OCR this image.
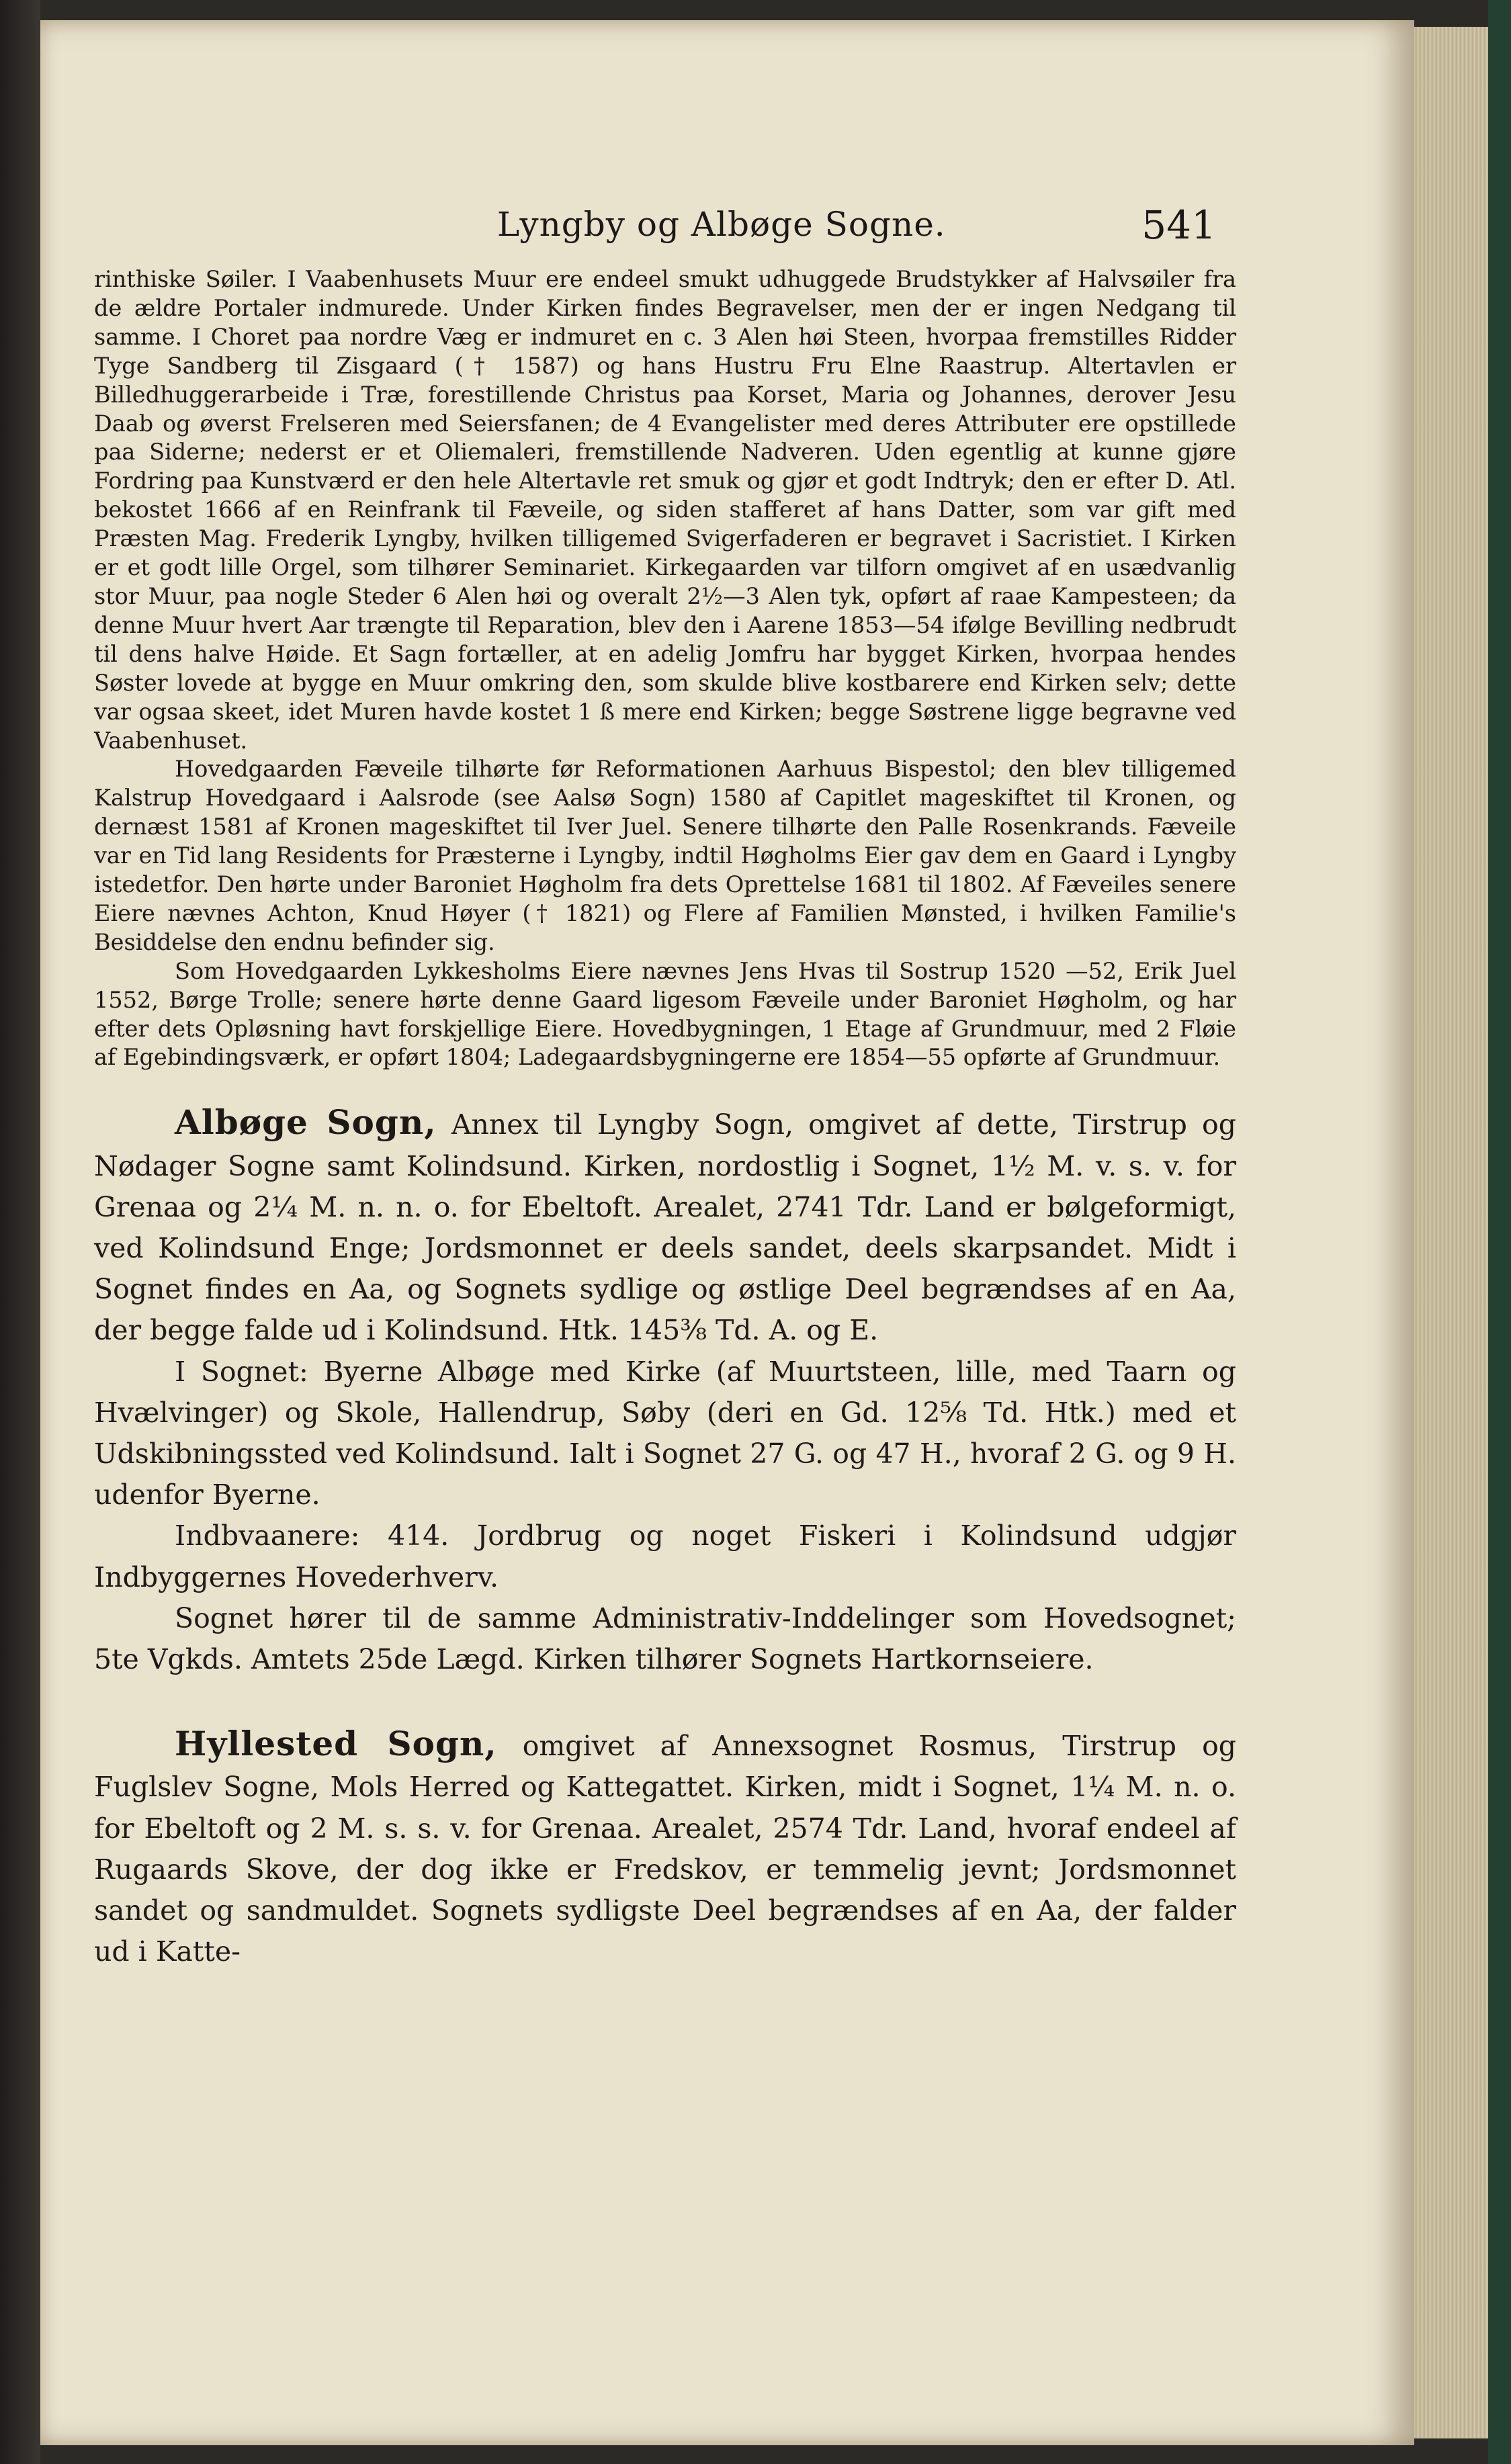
Lyngby og Albøge Sogne.	541

rinthiske Søiler. I Vaabenhusets Muur ere endeel smukt udhuggede Brudstykker af Halvsøiler fra de ældre Portaler indmurede. Under Kirken findes Begravelser, men der er ingen Nedgang til samme. I Choret paa nordre Væg er indmuret en c. 3 Alen høi Steen, hvorpaa fremstilles Ridder Tyge Sandberg til Zisgaard († 1587) og hans Hustru Fru Elne Raastrup. Altertavlen er Billedhuggerarbeide i Træ, forestillende Christus paa Korset, Maria og Johannes, derover Jesu Daab og øverst Frelseren med Seiersfanen; de 4 Evangelister med deres Attributer ere opstillede paa Siderne; nederst er et Oliemaleri, fremstillende Nadveren. Uden egentlig at kunne gjøre Fordring paa Kunstværd er den hele Altertavle ret smuk og gjør et godt Indtryk; den er efter D. Atl. bekostet 1666 af en Reinfrank til Fæveile, og siden stafferet af hans Datter, som var gift med Præsten Mag. Frederik Lyngby, hvilken tilligemed Svigerfaderen er begravet i Sacristiet. I Kirken er et godt lille Orgel, som tilhører Seminariet. Kirkegaarden var tilforn omgivet af en usædvanlig stor Muur, paa nogle Steder 6 Alen høi og overalt 2½—3 Alen tyk, opført af raae Kampesteen; da denne Muur hvert Aar trængte til Reparation, blev den i Aarene 1853—54 ifølge Bevilling nedbrudt til dens halve Høide. Et Sagn fortæller, at en adelig Jomfru har bygget Kirken, hvorpaa hendes Søster lovede at bygge en Muur omkring den, som skulde blive kostbarere end Kirken selv; dette var ogsaa skeet, idet Muren havde kostet 1 ß mere end Kirken; begge Søstrene ligge begravne ved Vaabenhuset.

Hovedgaarden Fæveile tilhørte før Reformationen Aarhuus Bispestol; den blev tilligemed Kalstrup Hovedgaard i Aalsrode (see Aalsø Sogn) 1580 af Capitlet mageskiftet til Kronen, og dernæst 1581 af Kronen mageskiftet til Iver Juel. Senere tilhørte den Palle Rosenkrands. Fæveile var en Tid lang Residents for Præsterne i Lyngby, indtil Høgholms Eier gav dem en Gaard i Lyngby istedetfor. Den hørte under Baroniet Høgholm fra dets Oprettelse 1681 til 1802. Af Fæveiles senere Eiere nævnes Achton, Knud Høyer († 1821) og Flere af Familien Mønsted, i hvilken Familie's Besiddelse den endnu befinder sig.

Som Hovedgaarden Lykkesholms Eiere nævnes Jens Hvas til Sostrup 1520 —52, Erik Juel 1552, Børge Trolle; senere hørte denne Gaard ligesom Fæveile under Baroniet Høgholm, og har efter dets Opløsning havt forskjellige Eiere. Hovedbygningen, 1 Etage af Grundmuur, med 2 Fløie af Egebindingsværk, er opført 1804; Ladegaardsbygningerne ere 1854—55 opførte af Grundmuur.

Albøge Sogn, Annex til Lyngby Sogn, omgivet af dette, Tirstrup og Nødager Sogne samt Kolindsund. Kirken, nordostlig i Sognet, 1½ M. v. s. v. for Grenaa og 2¼ M. n. n. o. for Ebeltoft. Arealet, 2741 Tdr. Land er bølgeformigt, ved Kolindsund Enge; Jordsmonnet er deels sandet, deels skarpsandet. Midt i Sognet findes en Aa, og Sognets sydlige og østlige Deel begrændses af en Aa, der begge falde ud i Kolindsund. Htk. 145⅜ Td. A. og E.

I Sognet: Byerne Albøge med Kirke (af Muurtsteen, lille, med Taarn og Hvælvinger) og Skole, Hallendrup, Søby (deri en Gd. 12⅝ Td. Htk.) med et Udskibningssted ved Kolindsund. Ialt i Sognet 27 G. og 47 H., hvoraf 2 G. og 9 H. udenfor Byerne.

Indbvaanere: 414. Jordbrug og noget Fiskeri i Kolindsund udgjør Indbyggernes Hovederhverv.

Sognet hører til de samme Administrativ-Inddelinger som Hovedsognet; 5te Vgkds. Amtets 25de Lægd. Kirken tilhører Sognets Hartkornseiere.

Hyllested Sogn, omgivet af Annexsognet Rosmus, Tirstrup og Fuglslev Sogne, Mols Herred og Kattegattet. Kirken, midt i Sognet, 1¼ M. n. o. for Ebeltoft og 2 M. s. s. v. for Grenaa. Arealet, 2574 Tdr. Land, hvoraf endeel af Rugaards Skove, der dog ikke er Fredskov, er temmelig jevnt; Jordsmonnet sandet og sandmuldet. Sognets sydligste Deel begrændses af en Aa, der falder ud i Katte-
